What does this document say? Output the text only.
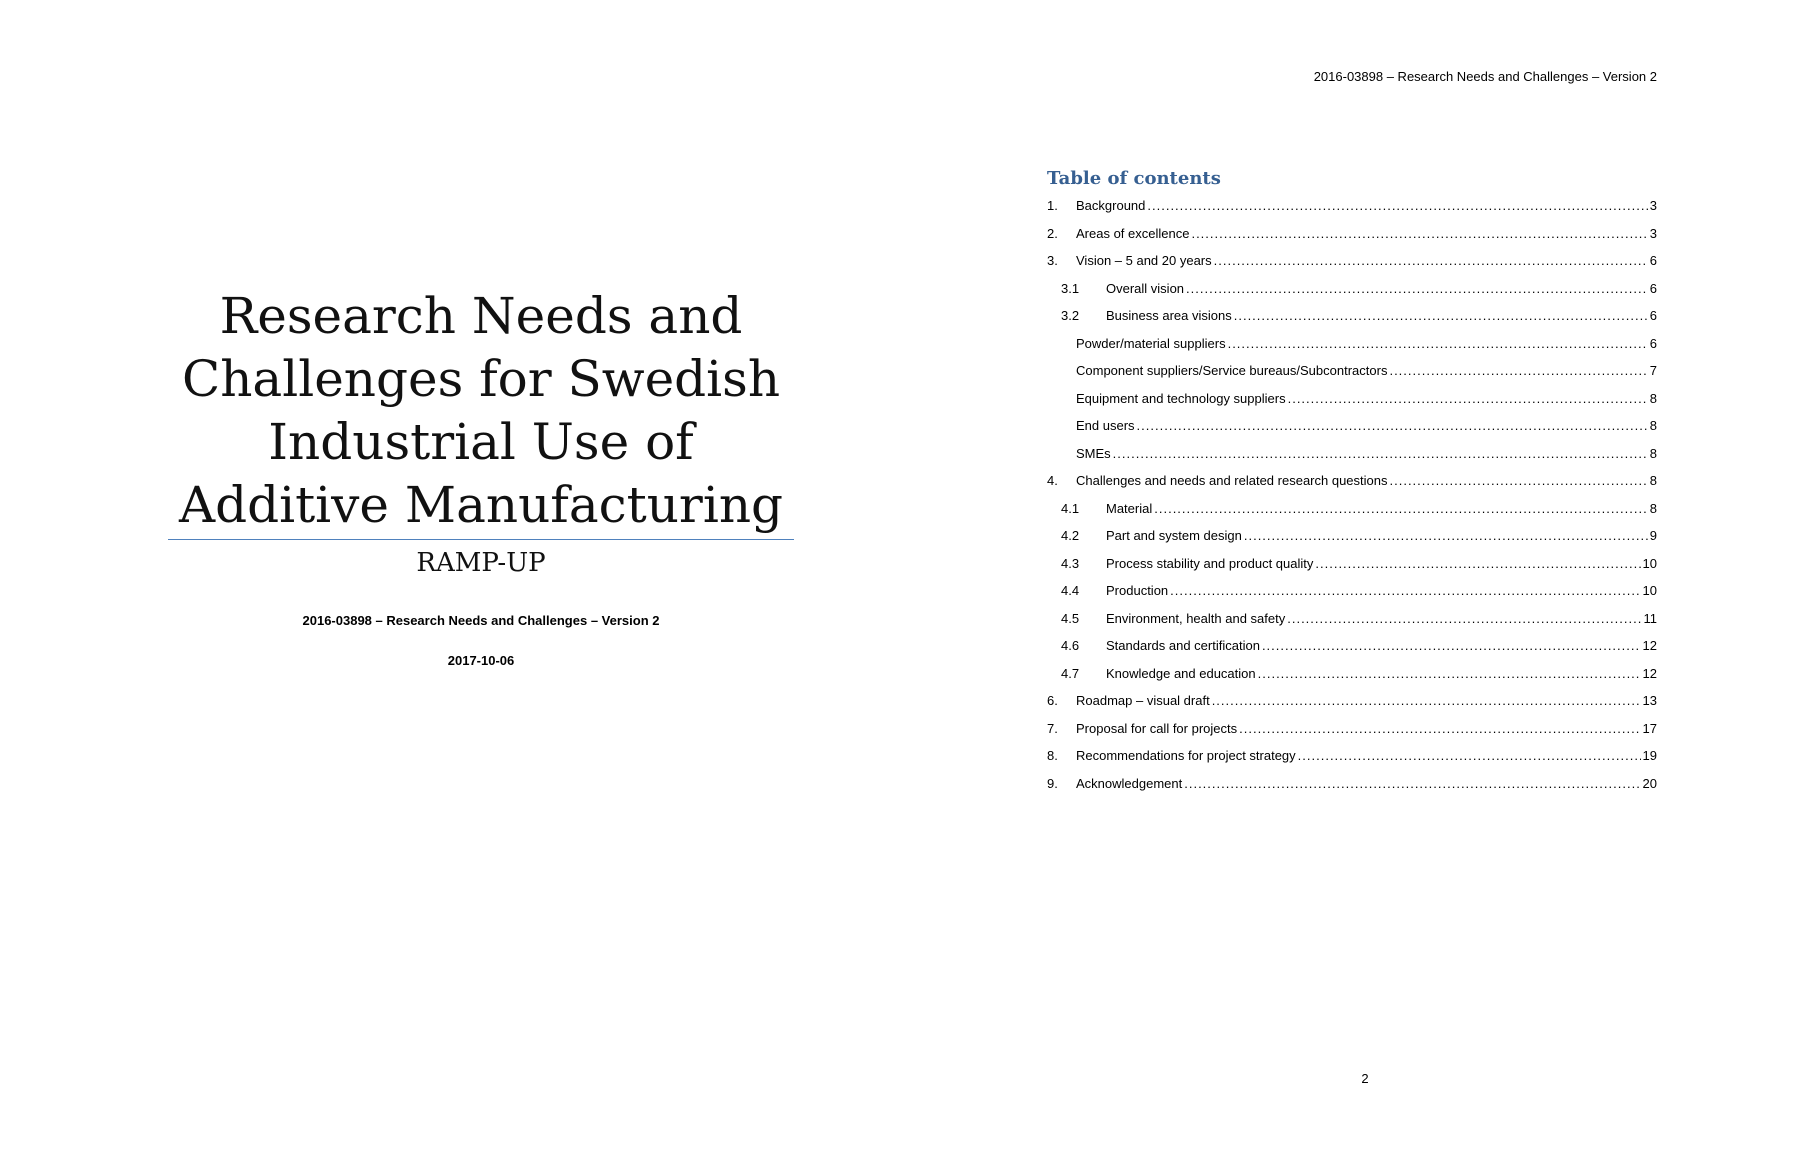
Research Needs and Challenges for Swedish Industrial Use of Additive Manufacturing
RAMP-UP
2016-03898 – Research Needs and Challenges – Version 2
2017-10-06
2016-03898 – Research Needs and Challenges – Version 2
Table of contents
1.	Background .....	3
2.	Areas of excellence .....	3
3.	Vision – 5 and 20 years .....	6
3.1	Overall vision .....	6
3.2	Business area visions .....	6
Powder/material suppliers .....	6
Component suppliers/Service bureaus/Subcontractors .....	7
Equipment and technology suppliers .....	8
End users .....	8
SMEs .....	8
4.	Challenges and needs and related research questions .....	8
4.1	Material .....	8
4.2	Part and system design .....	9
4.3	Process stability and product quality .....	10
4.4	Production .....	10
4.5	Environment, health and safety .....	11
4.6	Standards and certification .....	12
4.7	Knowledge and education .....	12
6.	Roadmap – visual draft .....	13
7.	Proposal for call for projects .....	17
8.	Recommendations for project strategy .....	19
9.	Acknowledgement .....	20
2
